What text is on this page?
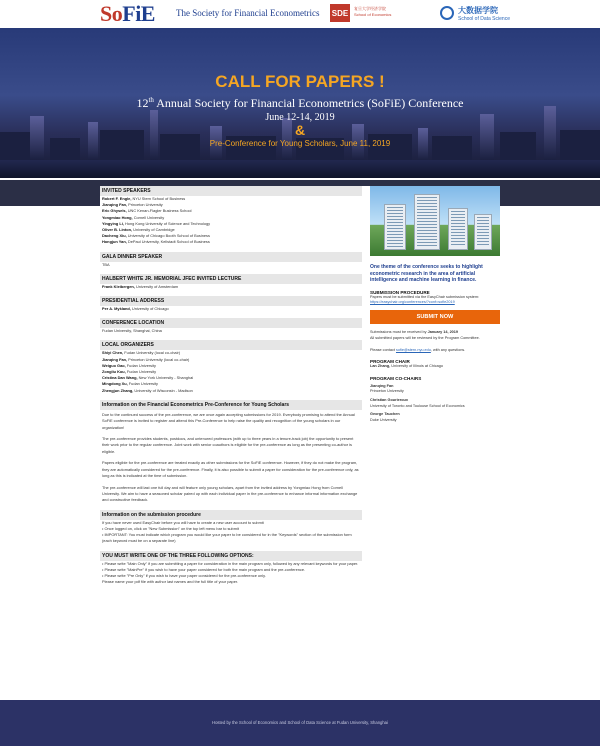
SoFiE The Society for Financial Econometrics SDE	复旦大学经济学院 School of Economics	大数据学院
School of Data Science
CALL FOR PAPERS !
12th Annual Society for Financial Econometrics (SoFiE) Conference
June 12-14, 2019
&
Pre-Conference for Young Scholars, June 11, 2019
INVITED SPEAKERS
Robert F. Engle, NYU Stern School of Business
Jianqing Fan, Princeton University
Eric Ghysels, UNC Kenan-Flagler Business School
Yongmiao Hong, Cornell University
Yingying Li, Hong Kong University of Science and Technology
Oliver B. Linton, University of Cambridge
Dacheng Xiu, University of Chicago Booth School of Business
Hongjun Yan, DePaul University, Kellstadt School of Business
GALA DINNER SPEAKER
TBA
HALBERT WHITE JR. MEMORIAL JFEC INVITED LECTURE
Frank Kleibergen, University of Amsterdam
PRESIDENTIAL ADDRESS
Per A. Mykland, University of Chicago
CONFERENCE LOCATION
Fudan University, Shanghai, China
LOCAL ORGANIZERS
Shiyi Chen, Fudan University (local co-chair)
Jianqing Fan, Princeton University (local co-chair)
Weiguo Gao, Fudan University
Zongliu Kou, Fudan University
Cristina Dan Wang, New York University - Shanghai
Mingdong Xu, Fudan University
Zhengjun Zhang, University of Wisconsin - Madison
Information on the Financial Econometrics Pre-Conference for Young Scholars
Due to the continued success of the pre-conference, we are once again accepting submissions for 2019. Everybody promising to attend the Annual SoFiE conference is invited to register and attend this Pre-Conference to help raise the quality and recognition of the young scholars in our organization!
The pre-conference provides students, postdocs, and untenured professors (with up to three years in a tenure-track job) the opportunity to present their work prior to the regular conference. Joint work with senior coauthors is eligible for the pre-conference as long as the presenting co-author is eligible.
Papers eligible for the pre-conference are treated exactly as other submissions for the SoFiE conference. However, if they do not make the program, they are automatically considered for the pre-conference. Finally, it is also possible to submit a paper for consideration for the pre-conference only, as long as this is indicated at the time of submission.
The pre-conference will last one full day and will feature only young scholars, apart from the invited address by Yongmiao Hong from Cornell University. We aim to have a seasoned scholar paired up with each individual paper in the pre-conference to enhance informal information exchange and constructive feedback.
Information on the submission procedure
If you have never used EasyChair before you will have to create a new user account to submit
• Once logged on, click on "New Submission" on the top left menu bar to submit
• IMPORTANT: You must indicate which program you would like your paper to be considered for in the "Keywords" section of the submission form (each keyword must be on a separate line)
YOU MUST WRITE ONE OF THE THREE FOLLOWING OPTIONS:
• Please write "Main Only" if you are submitting a paper for consideration in the main program only, followed by any relevant keywords for your paper.
• Please write "MainPre" if you wish to have your paper considered for both the main program and the pre-conference.
• Please write "Pre Only" if you wish to have your paper considered for the pre-conference only.
Please name your pdf file with author last names and the full title of your paper.
One theme of the conference seeks to highlight econometric research in the area of artificial intelligence and machine learning in finance.
SUBMISSION PROCEDURE
Papers must be submitted via the EasyChair submission system:
https://easychair.org/conferences/?conf=sofie2019
SUBMIT NOW
Submissions must be received by January 14, 2019
All submitted papers will be reviewed by the Program Committee.
Please contact sofie@stern.nyu.edu, with any questions.
PROGRAM CHAIR
Lan Zhang, University of Illinois at Chicago
PROGRAM CO-CHAIRS
Jianqing Fan
Princeton University
Christian Gourieroux
University of Toronto and Toulouse School of Economics
George Tauchen
Duke University
Hosted by the School of Economics and School of Data Science at Fudan University, Shanghai
